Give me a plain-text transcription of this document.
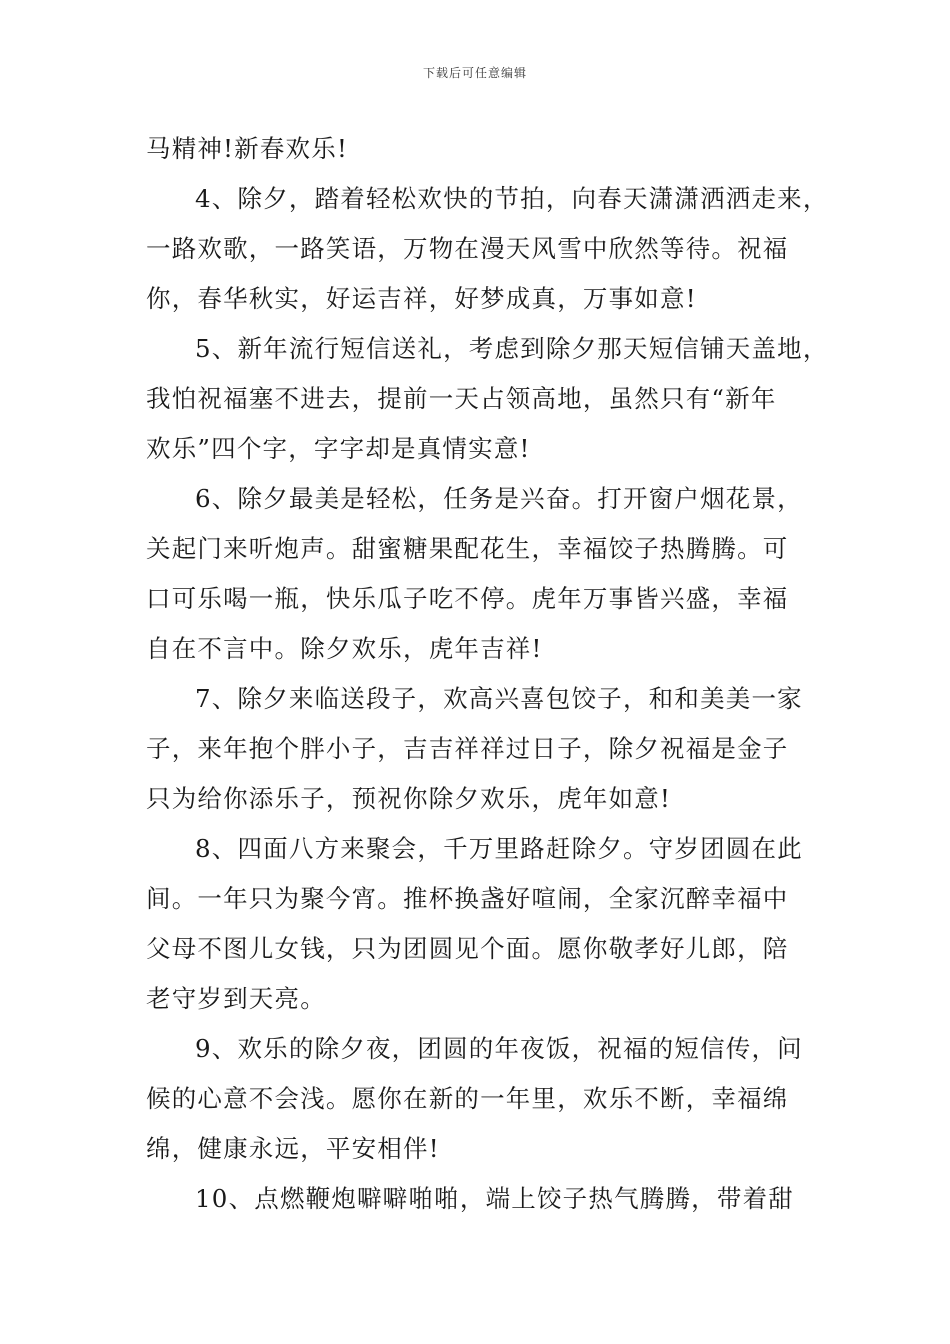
下载后可任意编辑
马精神!新春欢乐!
4、除夕，踏着轻松欢快的节拍，向春天潇潇洒洒走来，
一路欢歌，一路笑语，万物在漫天风雪中欣然等待。祝福
你，春华秋实，好运吉祥，好梦成真，万事如意!
5、新年流行短信送礼，考虑到除夕那天短信铺天盖地，
我怕祝福塞不进去，提前一天占领高地，虽然只有“新年
欢乐”四个字，字字却是真情实意!
6、除夕最美是轻松，任务是兴奋。打开窗户烟花景，
关起门来听炮声。甜蜜糖果配花生，幸福饺子热腾腾。可
口可乐喝一瓶，快乐瓜子吃不停。虎年万事皆兴盛，幸福
自在不言中。除夕欢乐，虎年吉祥!
7、除夕来临送段子，欢高兴喜包饺子，和和美美一家
子，来年抱个胖小子，吉吉祥祥过日子，除夕祝福是金子
只为给你添乐子，预祝你除夕欢乐，虎年如意!
8、四面八方来聚会，千万里路赶除夕。守岁团圆在此
间。一年只为聚今宵。推杯换盏好喧闹，全家沉醉幸福中
父母不图儿女钱，只为团圆见个面。愿你敬孝好儿郎，陪
老守岁到天亮。
9、欢乐的除夕夜，团圆的年夜饭，祝福的短信传，问
候的心意不会浅。愿你在新的一年里，欢乐不断，幸福绵
绵，健康永远，平安相伴!
10、点燃鞭炮噼噼啪啪，端上饺子热气腾腾，带着甜
